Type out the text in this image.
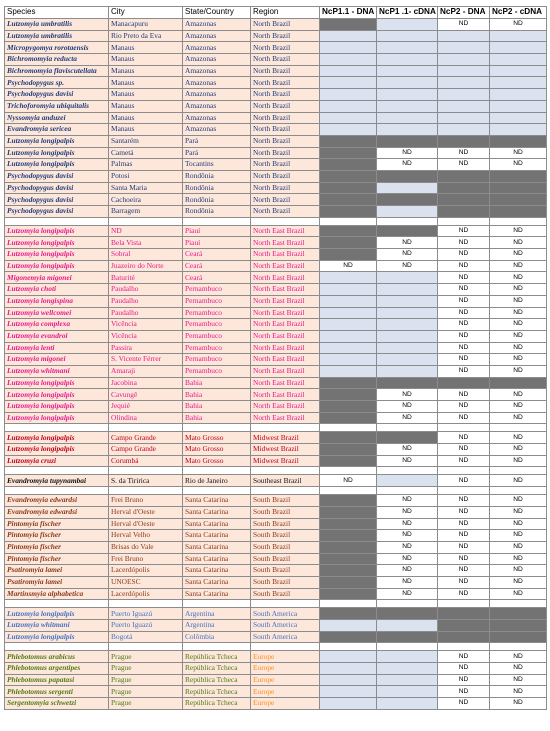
Species	City	State/Country	Region	NcP1.1 - DNA	NcP1 .1- cDNA	NcP2 - DNA	NcP2 - cDNA
Lutzomyia umbratilis	Manacapuru	Amazonas	North Brazil			ND	ND
Lutzomyia umbratilis	Rio Preto da Eva	Amazonas	North Brazil				
Micropygomya rorotaensis	Manaus	Amazonas	North Brazil				
Bichromomyia reducta	Manaus	Amazonas	North Brazil				
Bichromomyia flaviscutellata	Manaus	Amazonas	North Brazil				
Psychodopygus sp.	Manaus	Amazonas	North Brazil				
Psychodopygus davisi	Manaus	Amazonas	North Brazil				
Trichoforomyia ubiquitalis	Manaus	Amazonas	North Brazil				
Nyssomyia anduzei	Manaus	Amazonas	North Brazil				
Evandromyia sericea	Manaus	Amazonas	North Brazil				
Lutzomyia longipalpis	Santarém	Pará	North Brazil				
Lutzomyia longipalpis	Cametá	Pará	North Brazil		ND	ND	ND
Lutzomyia longipalpis	Palmas	Tocantins	North Brazil		ND	ND	ND
Psychodopygus davisi	Potosi	Rondônia	North Brazil				
Psychodopygus davisi	Santa Maria	Rondônia	North Brazil				
Psychodopygus davisi	Cachoeira	Rondônia	North Brazil				
Psychodopygus davisi	Barragem	Rondônia	North Brazil				

Lutzomyia longipalpis	ND	Piauí	North East Brazil			ND	ND
Lutzomyia longipalpis	Bela Vista	Piauí	North East Brazil		ND	ND	ND
Lutzomyia longipalpis	Sobral	Ceará	North East Brazil		ND	ND	ND
Lutzomyia longipalpis	Juazeiro do Norte	Ceará	North East Brazil	ND	ND	ND	ND
Migonemyia migonei	Baturité	Ceará	North East Brazil			ND	ND
Lutzomyia choti	Paudalho	Pernambuco	North East Brazil			ND	ND
Lutzomyia longispina	Paudalho	Pernambuco	North East Brazil			ND	ND
Lutzomyia wellcomei	Paudalho	Pernambuco	North East Brazil			ND	ND
Lutzomyia complexa	Vicência	Pernambuco	North East Brazil			ND	ND
Lutzomyia evandroi	Vicência	Pernambuco	North East Brazil			ND	ND
Lutzomyia lenti	Passira	Pernambuco	North East Brazil			ND	ND
Lutzomyia migonei	S. Vicente Férrer	Pernambuco	North East Brazil			ND	ND
Lutzomyia whitmani	Amaraji	Pernambuco	North East Brazil			ND	ND
Lutzomyia longipalpis	Jacobina	Bahia	North East Brazil				
Lutzomyia longipalpis	Cavungê	Bahia	North East Brazil		ND	ND	ND
Lutzomyia longipalpis	Jequié	Bahia	North East Brazil		ND	ND	ND
Lutzomyia longipalpis	Olindina	Bahia	North East Brazil		ND	ND	ND

Lutzomyia longipalpis	Campo Grande	Mato Grosso	Midwest Brazil			ND	ND
Lutzomyia longipalpis	Campo Grande	Mato Grosso	Midwest Brazil		ND	ND	ND
Lutzomyia cruzi	Corumbá	Mato Grosso	Midwest Brazil		ND	ND	ND

Evandromyia tupynambai	S. da Tiririca	Rio de Janeiro	Southeast Brazil	ND		ND	ND

Evandromyia edwardsi	Frei Bruno	Santa Catarina	South Brazil		ND	ND	ND
Evandromyia edwardsi	Herval d'Oeste	Santa Catarina	South Brazil		ND	ND	ND
Pintomyia fischer	Herval d'Oeste	Santa Catarina	South Brazil		ND	ND	ND
Pintomyia fischer	Herval Velho	Santa Catarina	South Brazil		ND	ND	ND
Pintomyia fischer	Brisas do Vale	Santa Catarina	South Brazil		ND	ND	ND
Pintomyia fischer	Frei Bruno	Santa Catarina	South Brazil		ND	ND	ND
Psatiromyia lamei	Lacerdópolis	Santa Catarina	South Brazil		ND	ND	ND
Psatiromyia lamei	UNOESC	Santa Catarina	South Brazil		ND	ND	ND
Martinsmyia alphabetica	Lacerdópolis	Santa Catarina	South Brazil		ND	ND	ND

Lutzomyia longipalpis	Puerto Iguazú	Argentina	South America				
Lutzomyia whitmani	Puerto Iguazú	Argentina	South America				
Lutzomyia longipalpis	Bogotá	Colômbia	South America				

Phlebotomus arabicus	Prague	República Tcheca	Europe			ND	ND
Phlebotomus argentipes	Prague	República Tcheca	Europe			ND	ND
Phlebotomus papatasi	Prague	República Tcheca	Europe			ND	ND
Phlebotomus sergenti	Prague	República Tcheca	Europe			ND	ND
Sergentomyia schwetzi	Prague	República Tcheca	Europe			ND	ND
